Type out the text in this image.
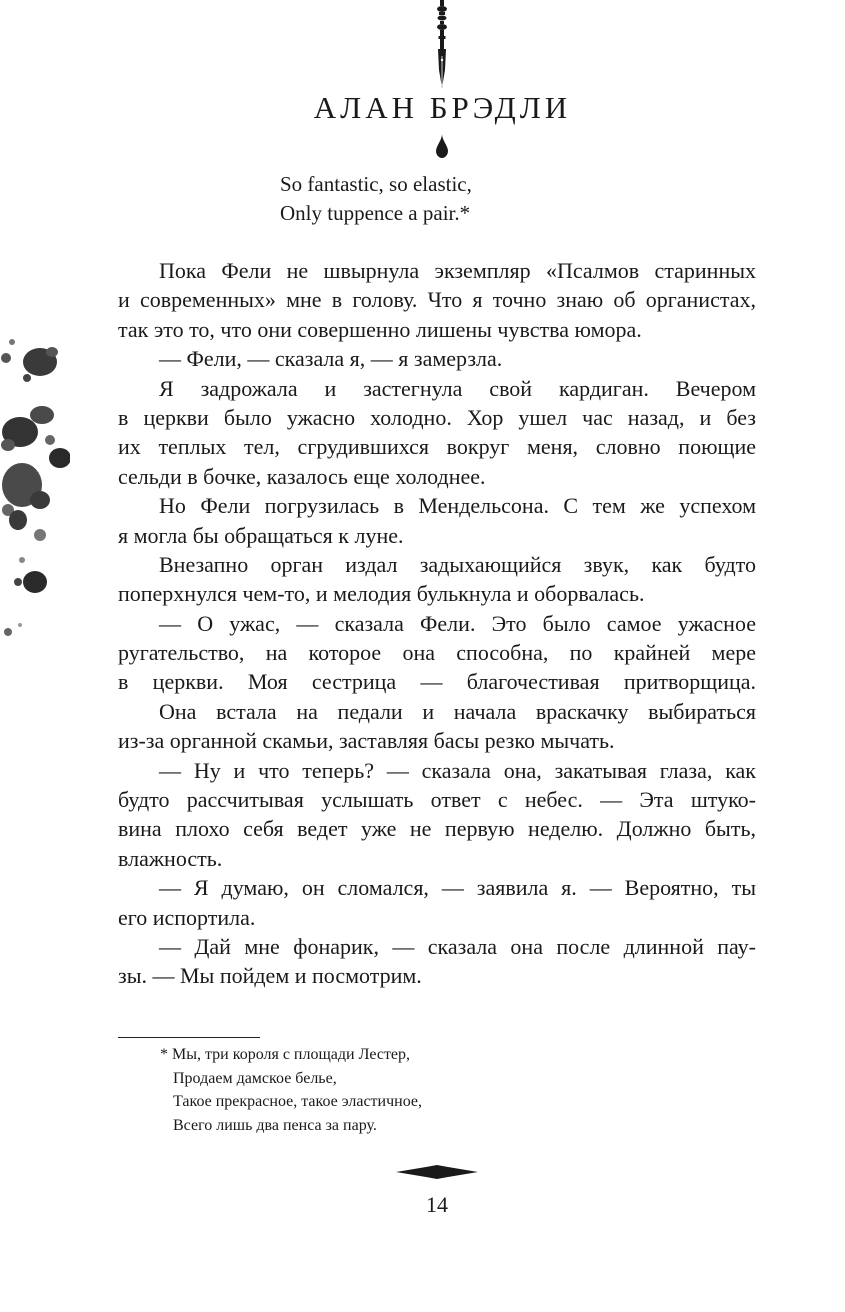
АЛАН БРЭДЛИ
So fantastic, so elastic,
Only tuppence a pair.*
Пока Фели не швырнула экземпляр «Псалмов старинных
и современных» мне в голову. Что я точно знаю об органистах,
так это то, что они совершенно лишены чувства юмора.
— Фели, — сказала я, — я замерзла.
Я задрожала и застегнула свой кардиган. Вечером
в церкви было ужасно холодно. Хор ушел час назад, и без
их теплых тел, сгрудившихся вокруг меня, словно поющие
сельди в бочке, казалось еще холоднее.
Но Фели погрузилась в Мендельсона. С тем же успехом
я могла бы обращаться к луне.
Внезапно орган издал задыхающийся звук, как будто
поперхнулся чем-то, и мелодия булькнула и оборвалась.
— О ужас, — сказала Фели. Это было самое ужасное
ругательство, на которое она способна, по крайней мере
в церкви. Моя сестрица — благочестивая притворщица.
Она встала на педали и начала враскачку выбираться
из-за органной скамьи, заставляя басы резко мычать.
— Ну и что теперь? — сказала она, закатывая глаза, как
будто рассчитывая услышать ответ с небес. — Эта штуко-
вина плохо себя ведет уже не первую неделю. Должно быть,
влажность.
— Я думаю, он сломался, — заявила я. — Вероятно, ты
его испортила.
— Дай мне фонарик, — сказала она после длинной пау-
зы. — Мы пойдем и посмотрим.
* Мы, три короля с площади Лестер,
Продаем дамское белье,
Такое прекрасное, такое эластичное,
Всего лишь два пенса за пару.
14
